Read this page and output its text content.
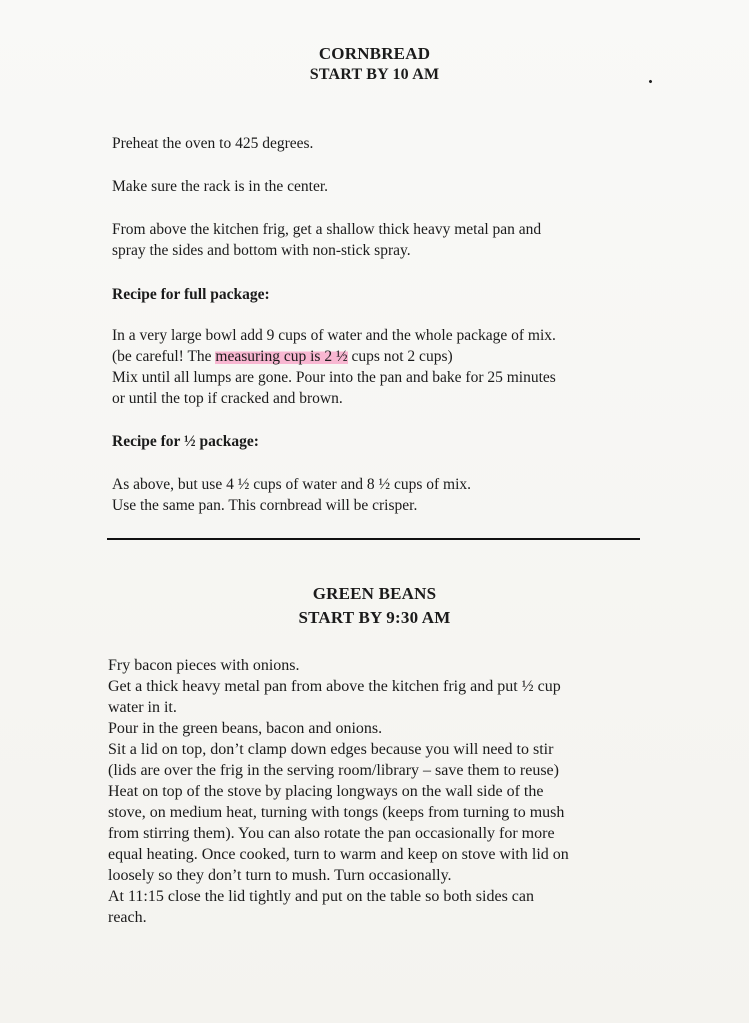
CORNBREAD
START BY 10 AM
Preheat the oven to 425 degrees.
Make sure the rack is in the center.
From above the kitchen frig, get a shallow thick heavy metal pan and
spray the sides and bottom with non-stick spray.
Recipe for full package:
In a very large bowl add 9 cups of water and the whole package of mix.
(be careful! The measuring cup is 2 ½ cups not 2 cups)
Mix until all lumps are gone. Pour into the pan and bake for 25 minutes
or until the top if cracked and brown.
Recipe for ½ package:
As above, but use 4 ½ cups of water and 8 ½ cups of mix.
Use the same pan. This cornbread will be crisper.
GREEN BEANS
START BY 9:30 AM
Fry bacon pieces with onions.
Get a thick heavy metal pan from above the kitchen frig and put ½ cup
water in it.
Pour in the green beans, bacon and onions.
Sit a lid on top, don’t clamp down edges because you will need to stir
(lids are over the frig in the serving room/library – save them to reuse)
Heat on top of the stove by placing longways on the wall side of the
stove, on medium heat, turning with tongs (keeps from turning to mush
from stirring them). You can also rotate the pan occasionally for more
equal heating. Once cooked, turn to warm and keep on stove with lid on
loosely so they don’t turn to mush. Turn occasionally.
At 11:15 close the lid tightly and put on the table so both sides can
reach.
